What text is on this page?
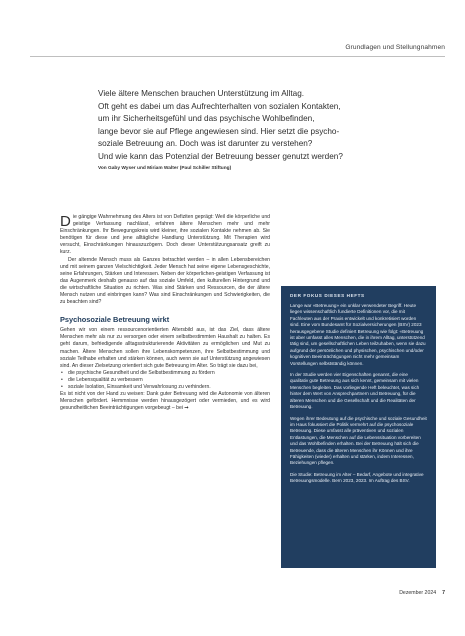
Grundlagen und Stellungnahmen

Viele ältere Menschen brauchen Unterstützung im Alltag.

Oft geht es dabei um das Aufrechterhalten von sozialen Kontakten,

um ihr Sicherheitsgefühl und das psychische Wohlbefinden,

lange bevor sie auf Pflege angewiesen sind. Hier setzt die psycho-

soziale Betreuung an. Doch was ist darunter zu verstehen?

Und wie kann das Potenzial der Betreuung besser genutzt werden?

Von Gaby Wyser und Miriam Walter (Paul Schiller Stiftung)

Die gängige Wahrnehmung des Alters ist von Defiziten geprägt: Weil die körperliche und geistige Verfassung nachlässt, erfahren ältere Menschen mehr und mehr Einschränkungen. Ihr Bewegungskreis wird kleiner, ihre sozialen Kontakte nehmen ab. Sie benötigen für diese und jene alltägliche Handlung Unterstützung. Mit Therapien wird versucht, Einschränkungen hinauszuzögern. Doch dieser Unterstützungsansatz greift zu kurz.

Der alternde Mensch muss als Ganzes betrachtet werden – in allen Lebensbereichen und mit seinem ganzen Vielschichtigkeit. Jeder Mensch hat seine eigene Lebensgeschichte, seine Erfahrungen, Stärken und Interessen. Neben der körperlichen-geistigen Verfassung ist das Augenmerk deshalb genauso auf das soziale Umfeld, den kulturellen Hintergrund und die wirtschaftliche Situation zu richten. Was sind Stärken und Ressourcen, die der ältere Mensch nutzen und einbringen kann? Was sind Einschränkungen und Schwierigkeiten, die zu beachten sind?

Psychosoziale Betreuung wirkt

Gehen wir von einem ressourcenorientierten Altersbild aus, ist das Ziel, dass ältere Menschen mehr als nur zu versorgen oder einem selbstbestimmten Haushalt zu halten. Es geht darum, befriedigende alltagsstrukturierende Aktivitäten zu ermöglichen und Mut zu machen. Ältere Menschen sollen ihre Lebenskompetenzen, ihre Selbstbestimmung und soziale Teilhabe erhalten und stärken können, auch wenn sie auf Unterstützung angewiesen sind. An dieser Zielsetzung orientiert sich gute Betreuung im Alter. So trägt sie dazu bei,

• die psychische Gesundheit und die Selbstbestimmung zu fördern
• die Lebensqualität zu verbessern
• soziale Isolation, Einsamkeit und Verwahrlosung zu verhindern.

Es ist nicht von der Hand zu weisen: Dank guter Betreuung wird die Autonomie von älteren Menschen gefördert. Hemmnisse werden hinausgezögert oder vermieden, und es wird gesundheitlichen Beeinträchtigungen vorgebeugt – bei ➞

DER FOKUS DIESES HEFTS

Lange war «Betreuung» ein unklar verwendeter Begriff. Heute liegen wissenschaftlich fundierte Definitionen vor, die mit Fachleuten aus der Praxis entwickelt und konkretisiert worden sind. Eine vom Bundesamt für Sozialversicherungen (BSV) 2023 herausgegebene Studie definiert Betreuung wie folgt: «Betreuung ist aber umfasst alles Menschen, die in ihrem Alltag, unterstützend tätig sind, um gesellschaftlichen Leben teilzuhaben, wenn sie dazu aufgrund der persönlichen und physischen, psychischen und/oder kognitiven Beeinträchtigungen nicht mehr gemeinsam Vorstellungen selbstständig können.

In der Studie werden vier Eigenschaften genannt, die eine qualitativ gute Betreuung aus sich kennt, gemeinsam mit vielen Menschen begleiten. Das vorliegende Heft beleuchtet, was sich hinter dem Wert von Ansprechpartnern und Betreuung, für die älteren Menschen und die Gesellschaft und die Realitäten der Betreuung.

Wegen ihrer Bedeutung auf die psychische und soziale Gesundheit im Haus fokussiert die Politik vermehrt auf die psychosoziale Betreuung. Diese umfasst alle präventiven und sozialen Entlastungen, die Menschen auf die Lebenssituation vorbereiten und das Wohlbefinden erhalten. Bei der Betreuung hält sich die Betreuende, dass die älteren Menschen ihr Können und ihre Fähigkeiten (wieder) erhalten und stärken, indem Interessen, Beziehungen pflegen.

Die Studie: Betreuung im Alter – Bedarf, Angebote und integrative Betreuungsmodelle. Bern 2023, 2023. Im Auftrag des BSV.

Dezember 2024 7
